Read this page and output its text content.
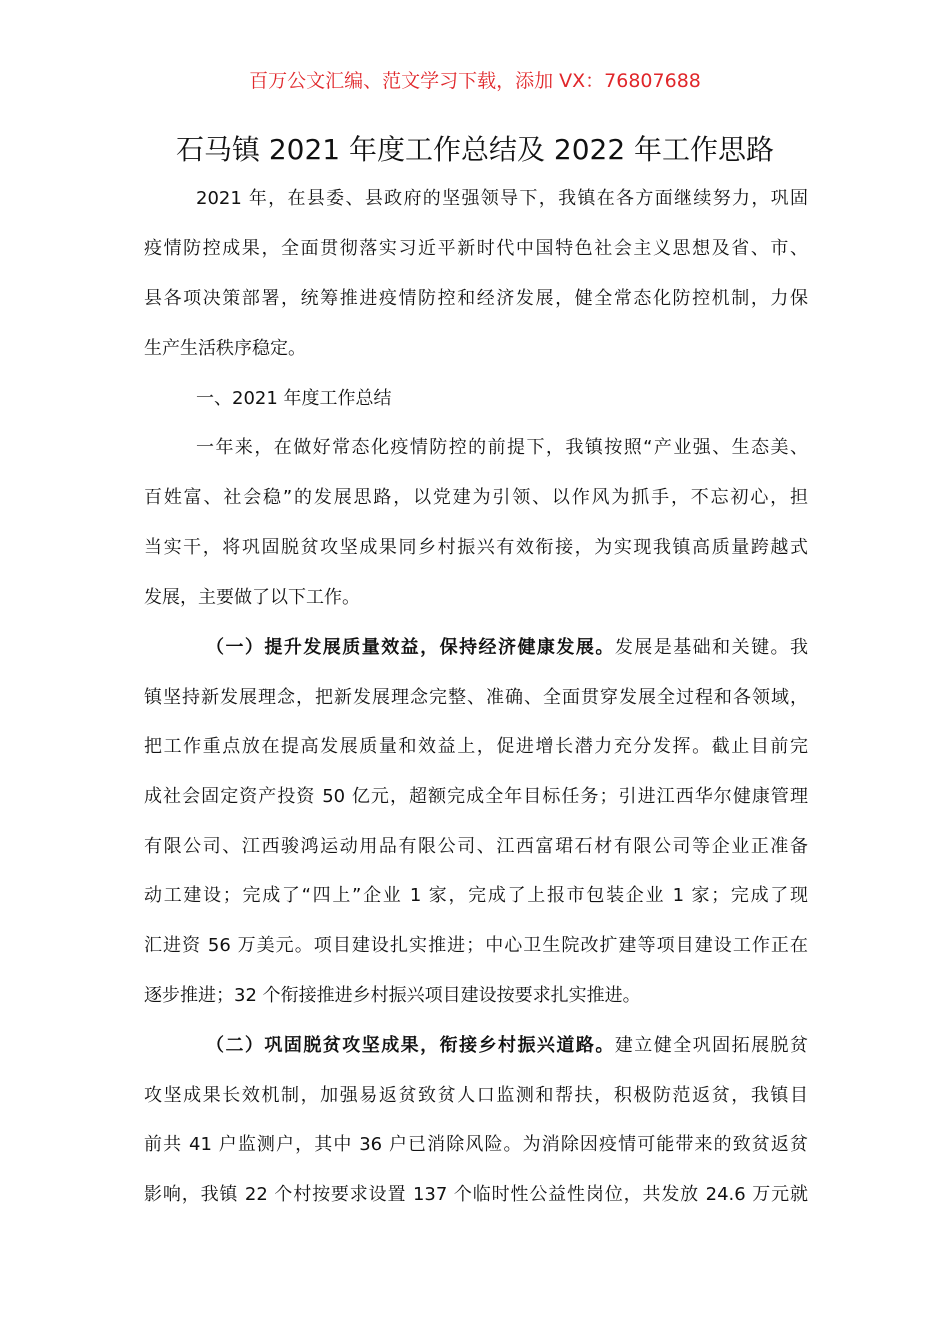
百万公文汇编、范文学习下载，添加 VX：76807688
石马镇 2021 年度工作总结及 2022 年工作思路
2021 年，在县委、县政府的坚强领导下，我镇在各方面继续努力，巩固
疫情防控成果，全面贯彻落实习近平新时代中国特色社会主义思想及省、市、
县各项决策部署，统筹推进疫情防控和经济发展，健全常态化防控机制，力保
生产生活秩序稳定。
一、2021 年度工作总结
一年来，在做好常态化疫情防控的前提下，我镇按照“产业强、生态美、
百姓富、社会稳”的发展思路，以党建为引领、以作风为抓手，不忘初心，担
当实干，将巩固脱贫攻坚成果同乡村振兴有效衔接，为实现我镇高质量跨越式
发展，主要做了以下工作。
（一）提升发展质量效益，保持经济健康发展。发展是基础和关键。我
镇坚持新发展理念，把新发展理念完整、准确、全面贯穿发展全过程和各领域，
把工作重点放在提高发展质量和效益上，促进增长潜力充分发挥。截止目前完
成社会固定资产投资 50 亿元，超额完成全年目标任务；引进江西华尔健康管理
有限公司、江西骏鸿运动用品有限公司、江西富珺石材有限公司等企业正准备
动工建设；完成了“四上”企业 1 家，完成了上报市包装企业 1 家；完成了现
汇进资 56 万美元。项目建设扎实推进；中心卫生院改扩建等项目建设工作正在
逐步推进；32 个衔接推进乡村振兴项目建设按要求扎实推进。
（二）巩固脱贫攻坚成果，衔接乡村振兴道路。建立健全巩固拓展脱贫
攻坚成果长效机制，加强易返贫致贫人口监测和帮扶，积极防范返贫，我镇目
前共 41 户监测户，其中 36 户已消除风险。为消除因疫情可能带来的致贫返贫
影响，我镇 22 个村按要求设置 137 个临时性公益性岗位，共发放 24.6 万元就
